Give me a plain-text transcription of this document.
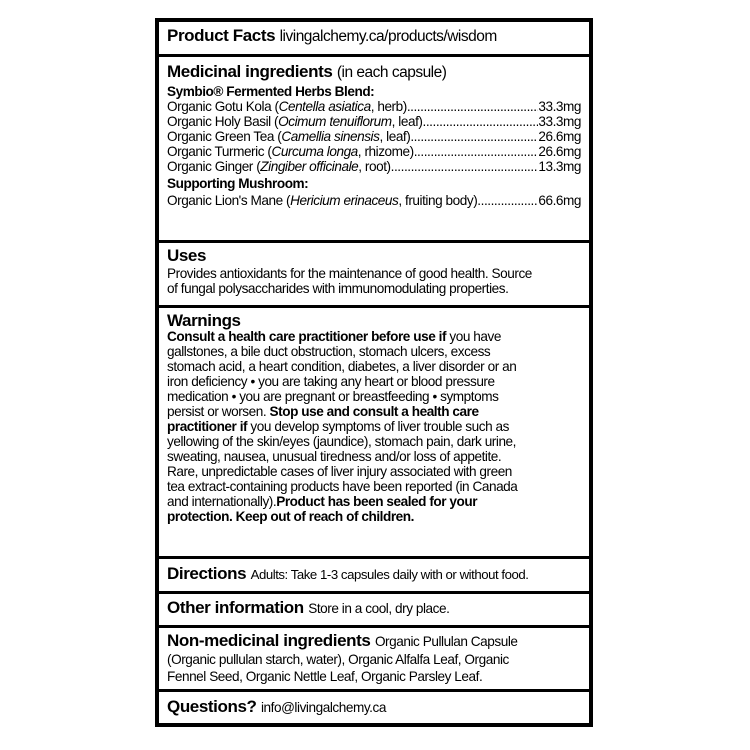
Product Facts livingalchemy.ca/products/wisdom
Medicinal ingredients (in each capsule)
Symbio® Fermented Herbs Blend:
Organic Gotu Kola (Centella asiatica, herb) .....	33.3mg
Organic Holy Basil (Ocimum tenuiflorum, leaf) .....	33.3mg
Organic Green Tea (Camellia sinensis, leaf) .....	26.6mg
Organic Turmeric (Curcuma longa, rhizome) .....	26.6mg
Organic Ginger (Zingiber officinale, root) .....	13.3mg
Supporting Mushroom:
Organic Lion's Mane (Hericium erinaceus, fruiting body) .....	66.6mg
Uses
Provides antioxidants for the maintenance of good health. Source
of fungal polysaccharides with immunomodulating properties.
Warnings
Consult a health care practitioner before use if you have
gallstones, a bile duct obstruction, stomach ulcers, excess
stomach acid, a heart condition, diabetes, a liver disorder or an
iron deficiency • you are taking any heart or blood pressure
medication • you are pregnant or breastfeeding • symptoms
persist or worsen. Stop use and consult a health care
practitioner if you develop symptoms of liver trouble such as
yellowing of the skin/eyes (jaundice), stomach pain, dark urine,
sweating, nausea, unusual tiredness and/or loss of appetite.
Rare, unpredictable cases of liver injury associated with green
tea extract-containing products have been reported (in Canada
and internationally).Product has been sealed for your
protection. Keep out of reach of children.
Directions Adults: Take 1-3 capsules daily with or without food.
Other information Store in a cool, dry place.
Non-medicinal ingredients Organic Pullulan Capsule
(Organic pullulan starch, water), Organic Alfalfa Leaf, Organic
Fennel Seed, Organic Nettle Leaf, Organic Parsley Leaf.
Questions? info@livingalchemy.ca
